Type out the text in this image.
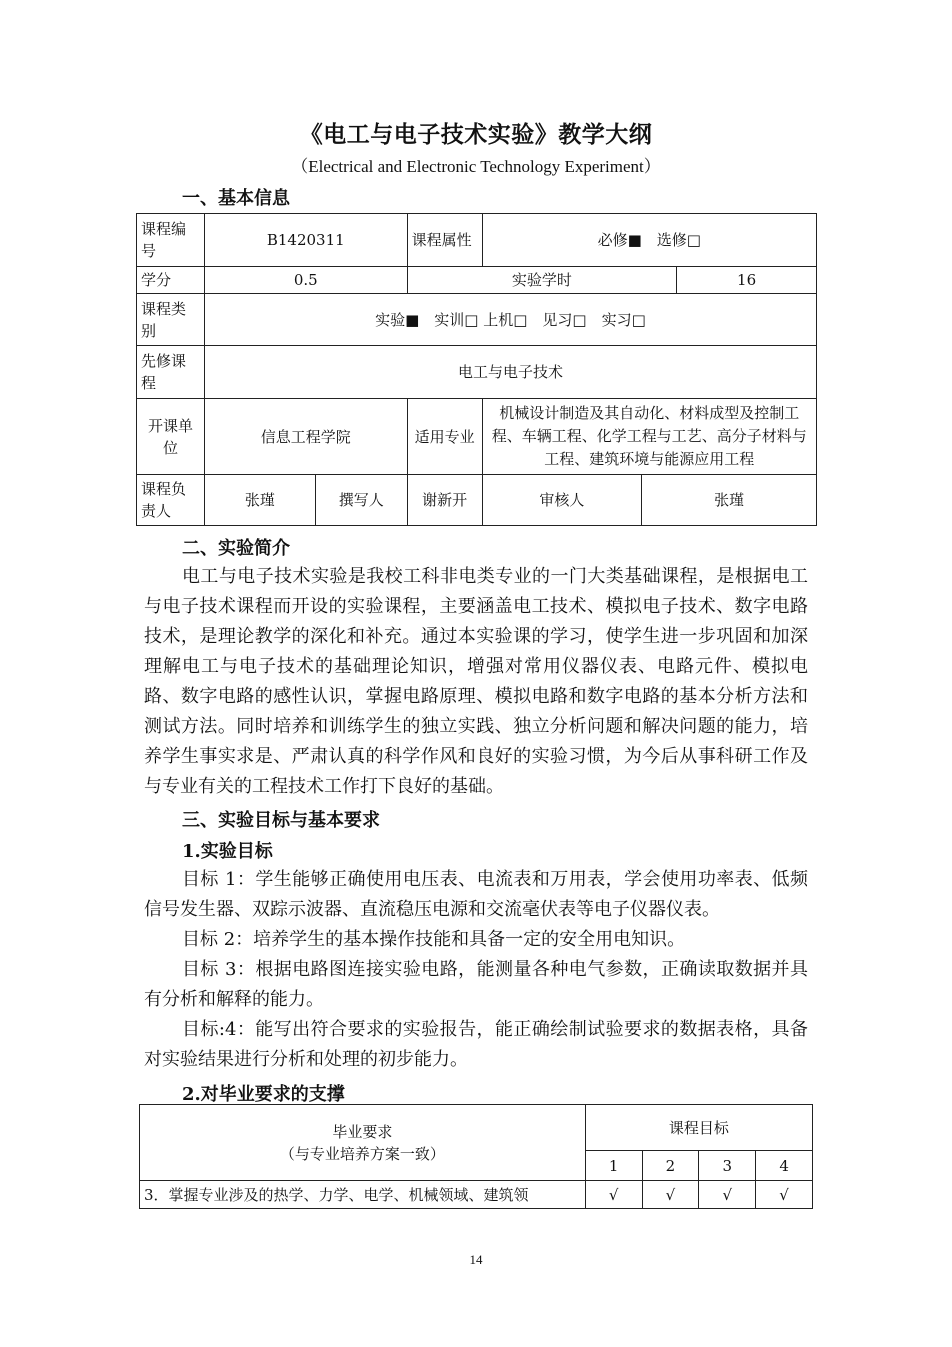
《电工与电子技术实验》教学大纲
（Electrical and Electronic Technology Experiment）
一、基本信息
课程编号	B1420311		课程属性	必修■　选修□		
学分	0.5		实验学时			16
课程类别	实验■　实训□ 上机□　见习□　实习□					
先修课程	电工与电子技术					
开课单位	信息工程学院		适用专业	机械设计制造及其自动化、材料成型及控制工程、车辆工程、化学工程与工艺、高分子材料与工程、建筑环境与能源应用工程		
课程负责人	张瑾	撰写人	谢新开	审核人	张瑾	
二、实验简介

电工与电子技术实验是我校工科非电类专业的一门大类基础课程，是根据电工与电子技术课程而开设的实验课程，主要涵盖电工技术、模拟电子技术、数字电路技术，是理论教学的深化和补充。通过本实验课的学习，使学生进一步巩固和加深理解电工与电子技术的基础理论知识，增强对常用仪器仪表、电路元件、模拟电路、数字电路的感性认识，掌握电路原理、模拟电路和数字电路的基本分析方法和测试方法。同时培养和训练学生的独立实践、独立分析问题和解决问题的能力，培养学生事实求是、严肃认真的科学作风和良好的实验习惯，为今后从事科研工作及与专业有关的工程技术工作打下良好的基础。

三、实验目标与基本要求
1.实验目标

目标 1：学生能够正确使用电压表、电流表和万用表，学会使用功率表、低频信号发生器、双踪示波器、直流稳压电源和交流毫伏表等电子仪器仪表。

目标 2：培养学生的基本操作技能和具备一定的安全用电知识。

目标 3：根据电路图连接实验电路，能测量各种电气参数，正确读取数据并具有分析和解释的能力。

目标:4：能写出符合要求的实验报告，能正确绘制试验要求的数据表格，具备对实验结果进行分析和处理的初步能力。

2.对毕业要求的支撑
毕业要求
（与专业培养方案一致）	课程目标			
	1	2	3	4
3．掌握专业涉及的热学、力学、电学、机械领域、建筑领	√	√	√	√
14
